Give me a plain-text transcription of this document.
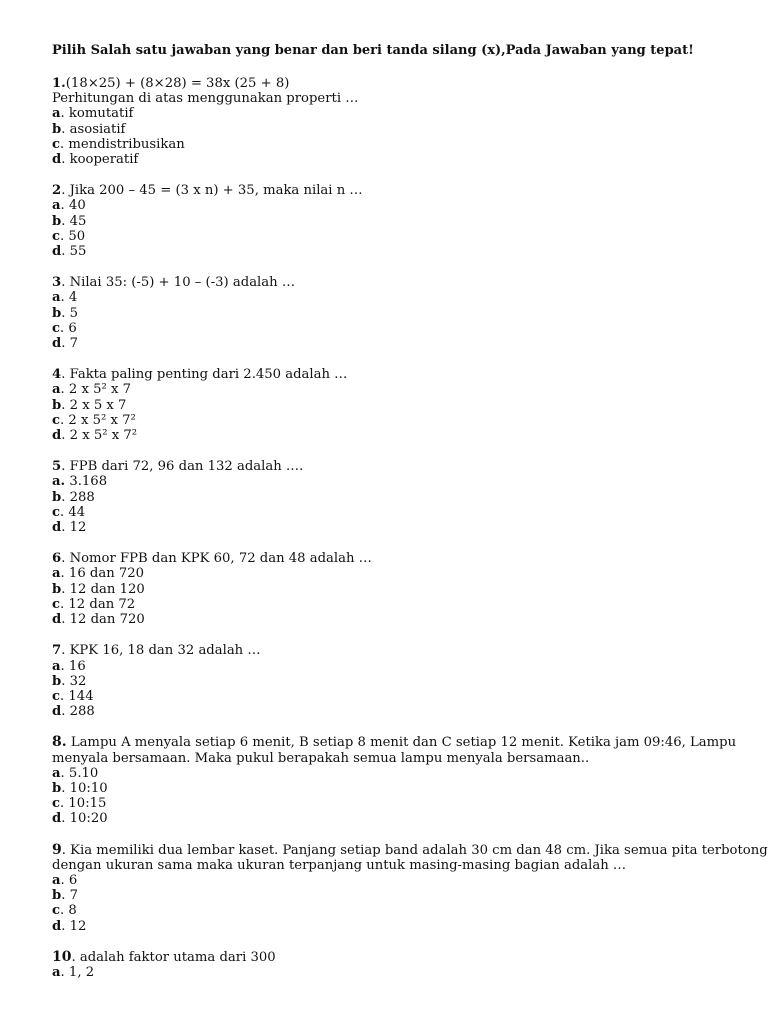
Pilih Salah satu jawaban yang benar dan beri tanda silang (x),Pada Jawaban yang tepat!
1.(18×25) + (8×28) = 38x (25 + 8)
Perhitungan di atas menggunakan properti …
a. komutatif
b. asosiatif
c. mendistribusikan
d. kooperatif
2. Jika 200 – 45 = (3 x n) + 35, maka nilai n …
a. 40
b. 45
c. 50
d. 55
3. Nilai 35: (-5) + 10 – (-3) adalah …
a. 4
b. 5
c. 6
d. 7
4. Fakta paling penting dari 2.450 adalah …
a. 2 x 5² x 7
b. 2 x 5 x 7
c. 2 x 5² x 7²
d. 2 x 5² x 7²
5. FPB dari 72, 96 dan 132 adalah ….
a. 3.168
b. 288
c. 44
d. 12
6. Nomor FPB dan KPK 60, 72 dan 48 adalah …
a. 16 dan 720
b. 12 dan 120
c. 12 dan 72
d. 12 dan 720
7. KPK 16, 18 dan 32 adalah …
a. 16
b. 32
c. 144
d. 288
8. Lampu A menyala setiap 6 menit, B setiap 8 menit dan C setiap 12 menit. Ketika jam 09:46, Lampu
menyala bersamaan. Maka pukul berapakah semua lampu menyala bersamaan..
a. 5.10
b. 10:10
c. 10:15
d. 10:20
9. Kia memiliki dua lembar kaset. Panjang setiap band adalah 30 cm dan 48 cm. Jika semua pita terbotong
dengan ukuran sama maka ukuran terpanjang untuk masing-masing bagian adalah …
a. 6
b. 7
c. 8
d. 12
10. adalah faktor utama dari 300
a. 1, 2
